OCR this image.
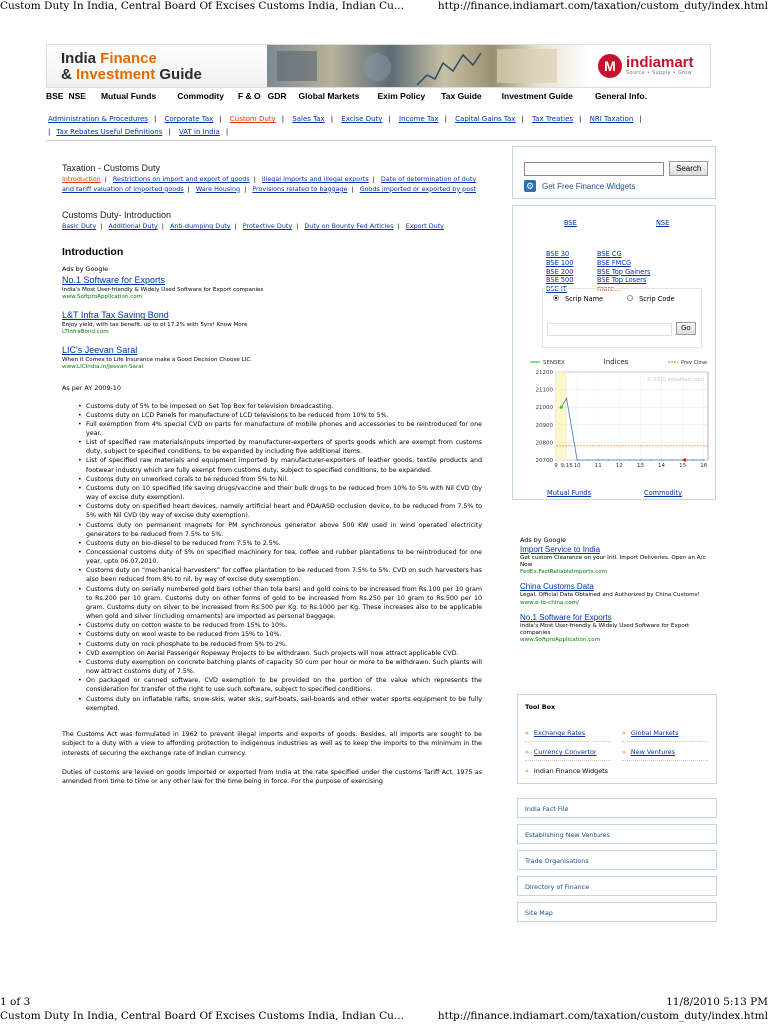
Custom Duty In India, Central Board Of Excises Customs India, Indian Cu...	http://finance.indiamart.com/taxation/custom_duty/index.html
India Finance
& Investment Guide	M indiamart
Source • Supply • Grow
BSE NSE Mutual Funds Commodity F & O GDR Global Markets Exim Policy Tax Guide Investment Guide	General Info.
Administration & Procedures | Corporate Tax | Custom Duty | Sales Tax | Excise Duty | Income Tax | Capital Gains Tax | Tax Treaties | NRI Taxation |
| Tax Rebates Useful Definitions | VAT in India |
Taxation - Customs Duty
Introduction | Restrictions on import and export of goods | Illegal imports and illegal exports | Date of determination of duty and tariff valuation of imported goods | Ware Housing | Provisions related to baggage | Goods imported or exported by post
Customs Duty- Introduction
Basic Duty | Additional Duty | Anti-dumping Duty | Protective Duty | Duty on Bounty Fed Articles | Export Duty
Introduction
Ads by Google
No.1 Software for Exports
India's Most User-friendly & Widely Used Software for Export companies
www.SoftproApplication.com
L&T Infra Tax Saving Bond
Enjoy yield, with tax benefit, up to of 17.2% with 5yrs! Know More
LTInfraBond.com
LIC's Jeevan Saral
When it Comes to Life Insurance make a Good Decision Choose LIC.
www.LICIndia.in/Jeevan-Saral
As per AY 2009-10
• Customs duty of 5% to be imposed on Set Top Box for television broadcasting.
• Customs duty on LCD Panels for manufacture of LCD televisions to be reduced from 10% to 5%.
• Full exemption from 4% special CVD on parts for manufacture of mobile phones and accessories to be reintroduced for one year.
• List of specified raw materials/inputs imported by manufacturer-exporters of sports goods which are exempt from customs duty, subject to specified conditions, to be expanded by including five additional items.
• List of specified raw materials and equipment imported by manufacturer-exporters of leather goods, textile products and footwear industry which are fully exempt from customs duty, subject to specified conditions, to be expanded.
• Customs duty on unworked corals to be reduced from 5% to Nil.
• Customs duty on 10 specified life saving drugs/vaccine and their bulk drugs to be reduced from 10% to 5% with Nil CVD (by way of excise duty exemption).
• Customs duty on specified heart devices, namely artificial heart and PDA/ASD occlusion device, to be reduced from 7.5% to 5% with Nil CVD (by way of excise duty exemption).
• Customs duty on permanent magnets for PM synchronous generator above 500 KW used in wind operated electricity generators to be reduced from 7.5% to 5%.
• Customs duty on bio-diesel to be reduced from 7.5% to 2.5%.
• Concessional customs duty of 5% on specified machinery for tea, coffee and rubber plantations to be reintroduced for one year, upto 06.07.2010.
• Customs duty on “mechanical harvesters” for coffee plantation to be reduced from 7.5% to 5%. CVD on such harvesters has also been reduced from 8% to nil, by way of excise duty exemption.
• Customs duty on serially numbered gold bars (other than tola bars) and gold coins to be increased from Rs.100 per 10 gram to Rs.200 per 10 gram. Customs duty on other forms of gold to be increased from Rs.250 per 10 gram to Rs.500 per 10 gram. Customs duty on silver to be increased from Rs.500 per Kg. to Rs.1000 per Kg. These increases also to be applicable when gold and silver (including ornaments) are imported as personal baggage.
• Customs duty on cotton waste to be reduced from 15% to 10%.
• Customs duty on wool waste to be reduced from 15% to 10%.
• Customs duty on rock phosphate to be reduced from 5% to 2%.
• CVD exemption on Aerial Passenger Ropeway Projects to be withdrawn. Such projects will now attract applicable CVD.
• Customs duty exemption on concrete batching plants of capacity 50 cum per hour or more to be withdrawn. Such plants will now attract customs duty of 7.5%.
• On packaged or canned software, CVD exemption to be provided on the portion of the value which represents the consideration for transfer of the right to use such software, subject to specified conditions.
• Customs duty on inflatable rafts, snow-skis, water skis, surf-boats, sail-boards and other water sports equipment to be fully exempted.

The Customs Act was formulated in 1962 to prevent illegal imports and exports of goods. Besides, all imports are sought to be subject to a duty with a view to affording protection to indigenous industries as well as to keep the imports to the minimum in the interests of securing the exchange rate of Indian currency.

Duties of customs are levied on goods imported or exported from India at the rate specified under the customs Tariff Act, 1975 as amended from time to time or any other law for the time being in force. For the purpose of exercising

Search
⚙ Get Free Finance Widgets
BSE	NSE
BSE 30
BSE 100
BSE 200
BSE 500
BSE IT
BSE CG
BSE FMCG
BSE Top Gainers
BSE Top Losers
more...
Scrip Name	Scrip Code
Go
SENSEX	Indices	Prev Close
21200
21100
21000
20900
20800
20700
9 9:15 10	11	12	13	14	15	16
© 2010 indiamart.com
Mutual Funds	Commodity
Ads by Google
Import Service to India
Get custom Clearance on your Intl. Import Deliveries. Open an A/c Now
FedEx.FastReliableImports.com
China Customs Data
Legal, Official Data Obtained and Authorized by China Customs!
www.e-to-china.com/
No.1 Software for Exports
India's Most User-friendly & Widely Used Software for Export companies
www.SoftproApplication.com
Tool Box
» Exchange Rates	» Global Markets
» Currency Convertor	» New Ventures
» Indian Finance Widgets
India Fact File
Establishing New Ventures
Trade Organisations
Directory of Finance
Site Map
1 of 3	11/8/2010 5:13 PM
Custom Duty In India, Central Board Of Excises Customs India, Indian Cu...	http://finance.indiamart.com/taxation/custom_duty/index.html
